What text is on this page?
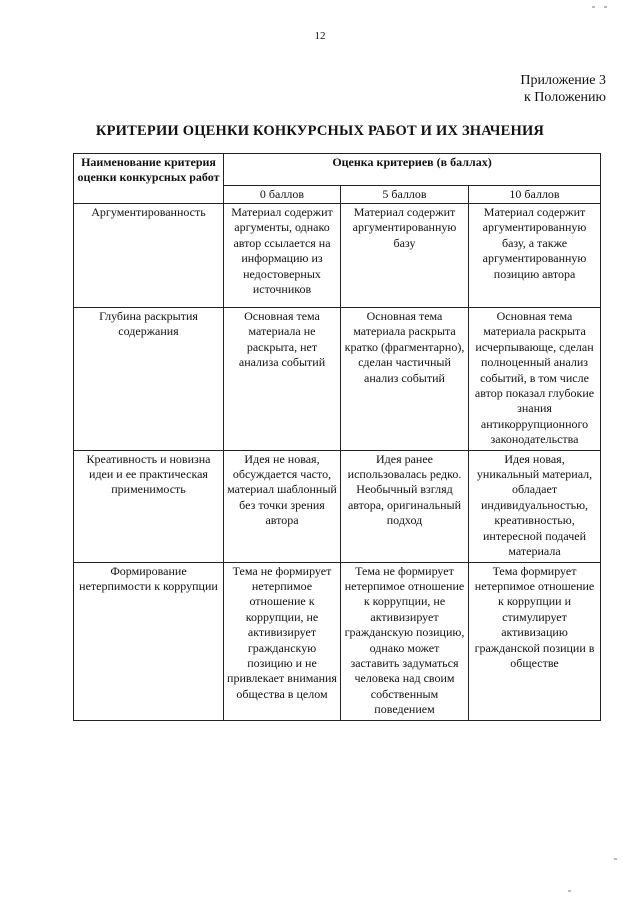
12
Приложение 3
к Положению
КРИТЕРИИ ОЦЕНКИ КОНКУРСНЫХ РАБОТ И ИХ ЗНАЧЕНИЯ
Наименование критерия оценки конкурсных работ	Оценка критериев (в баллах)		
	0 баллов	5 баллов	10 баллов
Аргументированность	Материал содержит аргументы, однако автор ссылается на информацию из недостоверных источников	Материал содержит аргументированную базу	Материал содержит аргументированную базу, а также аргументированную позицию автора
Глубина раскрытия содержания	Основная тема материала не раскрыта, нет анализа событий	Основная тема материала раскрыта кратко (фрагментарно), сделан частичный анализ событий	Основная тема материала раскрыта исчерпывающе, сделан полноценный анализ событий, в том числе автор показал глубокие знания антикоррупционного законодательства
Креативность и новизна идеи и ее практическая применимость	Идея не новая, обсуждается часто, материал шаблонный без точки зрения автора	Идея ранее использовалась редко. Необычный взгляд автора, оригинальный подход	Идея новая, уникальный материал, обладает индивидуальностью, креативностью, интересной подачей материала
Формирование нетерпимости к коррупции	Тема не формирует нетерпимое отношение к коррупции, не активизирует гражданскую позицию и не привлекает внимания общества в целом	Тема не формирует нетерпимое отношение к коррупции, не активизирует гражданскую позицию, однако может заставить задуматься человека над своим собственным поведением	Тема формирует нетерпимое отношение к коррупции и стимулирует активизацию гражданской позиции в обществе
